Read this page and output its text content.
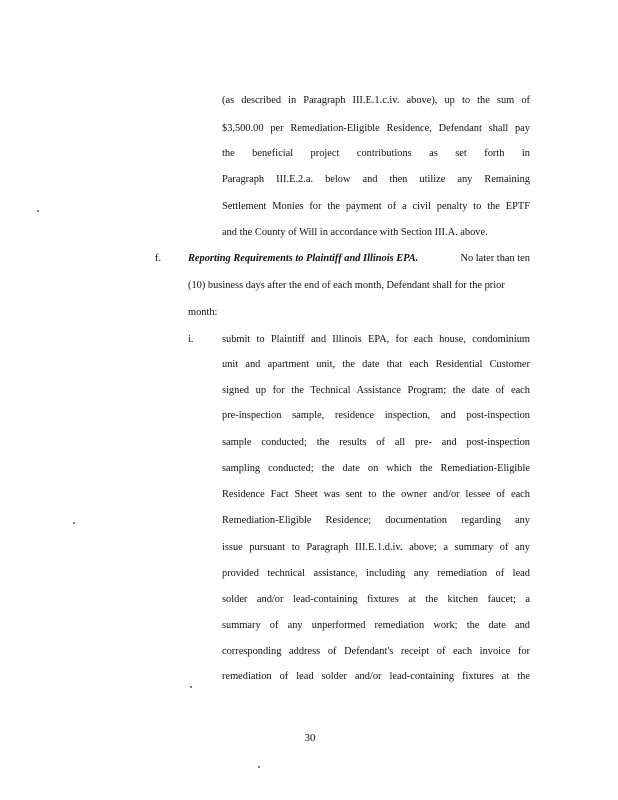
(as described in Paragraph III.E.1.c.iv. above), up to the sum of
$3,500.00 per Remediation-Eligible Residence, Defendant shall pay
the beneficial project contributions as set forth in
Paragraph III.E.2.a. below and then utilize any Remaining
Settlement Monies for the payment of a civil penalty to the EPTF
and the County of Will in accordance with Section III.A. above.
f.	Reporting Requirements to Plaintiff and Illinois EPA.	No later than ten
(10) business days after the end of each month, Defendant shall for the prior
month:
i.	submit to Plaintiff and Illinois EPA, for each house, condominium
unit and apartment unit, the date that each Residential Customer
signed up for the Technical Assistance Program; the date of each
pre-inspection sample, residence inspection, and post-inspection
sample conducted; the results of all pre- and post-inspection
sampling conducted; the date on which the Remediation-Eligible
Residence Fact Sheet was sent to the owner and/or lessee of each
Remediation-Eligible Residence; documentation regarding any
issue pursuant to Paragraph III.E.1.d.iv. above; a summary of any
provided technical assistance, including any remediation of lead
solder and/or lead-containing fixtures at the kitchen faucet; a
summary of any unperformed remediation work; the date and
corresponding address of Defendant's receipt of each invoice for
remediation of lead solder and/or lead-containing fixtures at the
30
